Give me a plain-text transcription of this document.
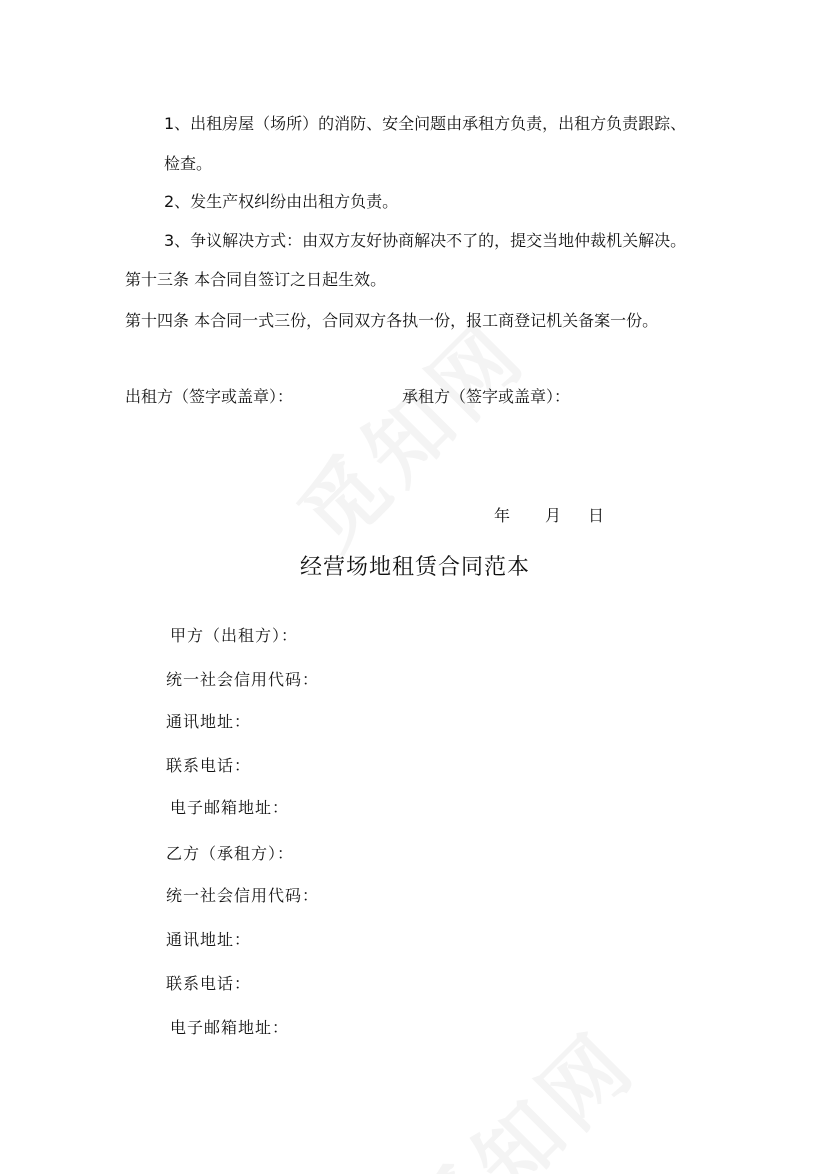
1、出租房屋（场所）的消防、安全问题由承租方负责，出租方负责跟踪、
检查。
2、发生产权纠纷由出租方负责。
3、争议解决方式：由双方友好协商解决不了的，提交当地仲裁机关解决。
第十三条 本合同自签订之日起生效。
第十四条 本合同一式三份，合同双方各执一份，报工商登记机关备案一份。
出租方（签字或盖章）：	承租方（签字或盖章）：
年 月 日
经营场地租赁合同范本
甲方（出租方）：
统一社会信用代码：
通讯地址：
联系电话：
电子邮箱地址：
乙方（承租方）：
统一社会信用代码：
通讯地址：
联系电话：
电子邮箱地址：
